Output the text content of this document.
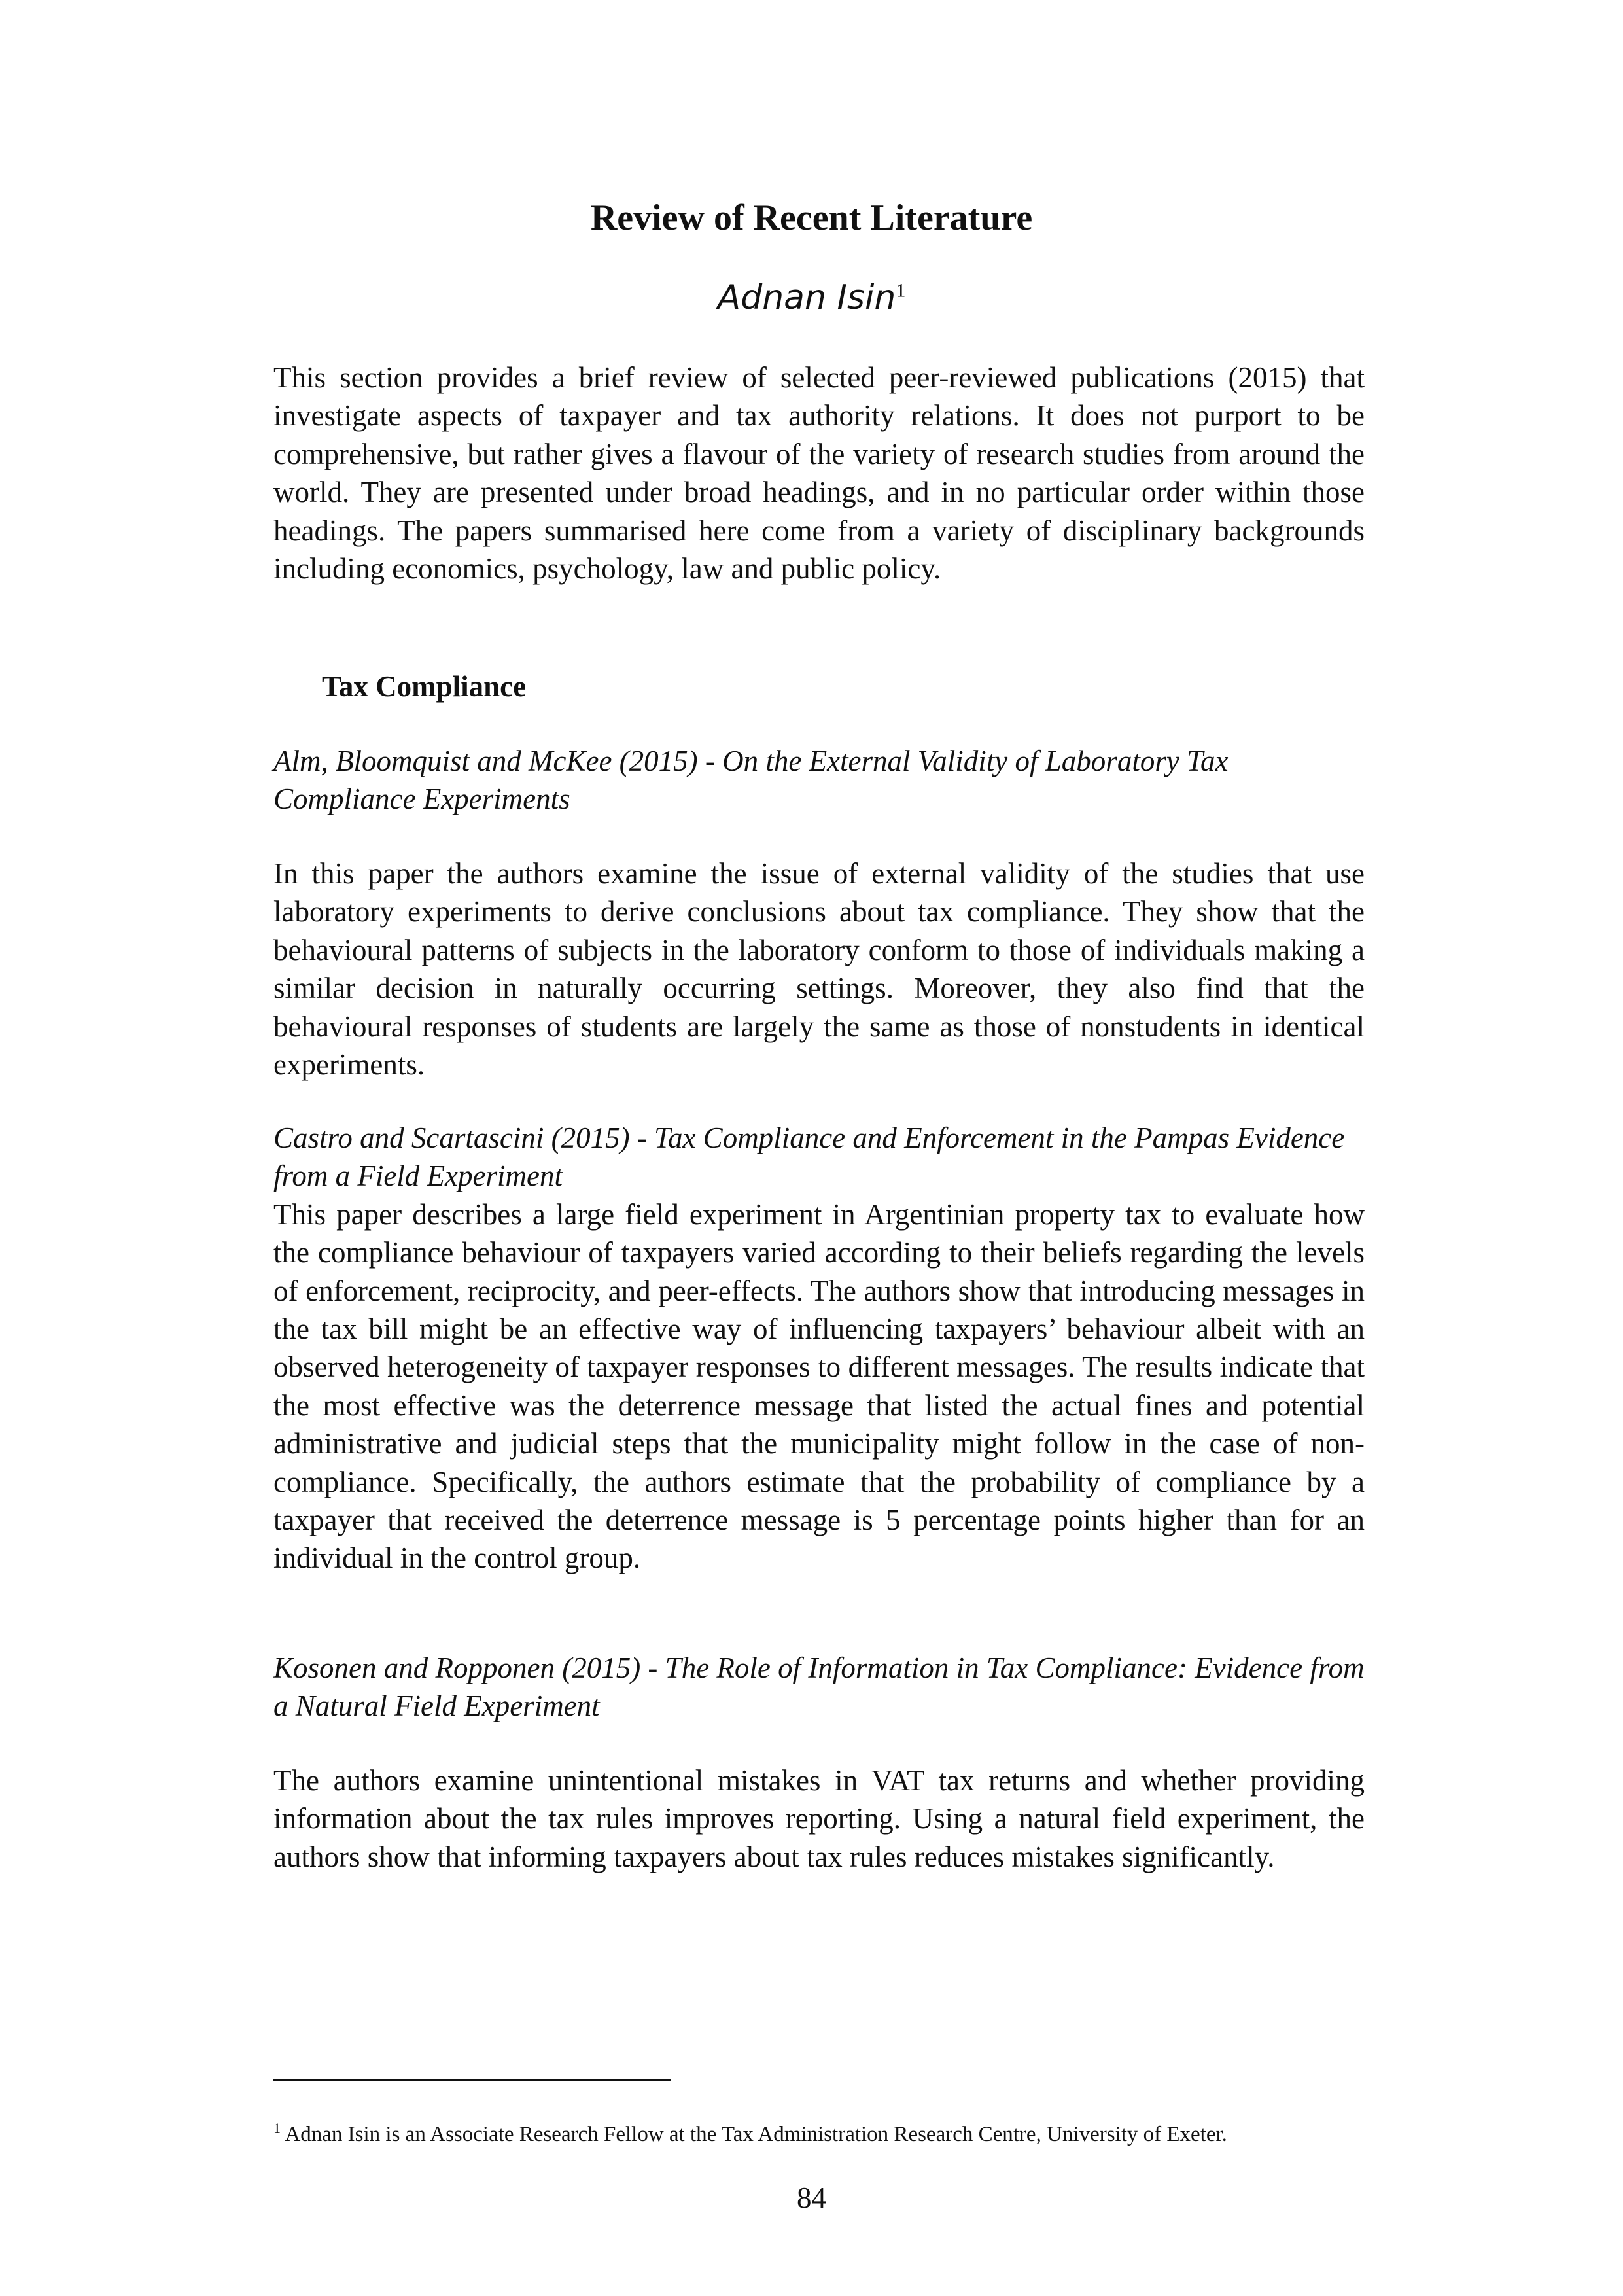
Review of Recent Literature
Adnan Isin$^1$

This section provides a brief review of selected peer-reviewed publications (2015) that investigate aspects of taxpayer and tax authority relations. It does not purport to be comprehensive, but rather gives a flavour of the variety of research studies from around the world. They are presented under broad headings, and in no particular order within those headings. The papers summarised here come from a variety of disciplinary backgrounds including economics, psychology, law and public policy.

Tax Compliance

Alm, Bloomquist and McKee (2015) - On the External Validity of Laboratory Tax Compliance Experiments

In this paper the authors examine the issue of external validity of the studies that use laboratory experiments to derive conclusions about tax compliance. They show that the behavioural patterns of subjects in the laboratory conform to those of individuals making a similar decision in naturally occurring settings. Moreover, they also find that the behavioural responses of students are largely the same as those of nonstudents in identical experiments.

Castro and Scartascini (2015) - Tax Compliance and Enforcement in the Pampas Evidence from a Field Experiment

This paper describes a large field experiment in Argentinian property tax to evaluate how the compliance behaviour of taxpayers varied according to their beliefs regarding the levels of enforcement, reciprocity, and peer-effects. The authors show that introducing messages in the tax bill might be an effective way of influencing taxpayers’ behaviour albeit with an observed heterogeneity of taxpayer responses to different messages. The results indicate that the most effective was the deterrence message that listed the actual fines and potential administrative and judicial steps that the municipality might follow in the case of non-compliance. Specifically, the authors estimate that the probability of compliance by a taxpayer that received the deterrence message is 5 percentage points higher than for an individual in the control group.

Kosonen and Ropponen (2015) - The Role of Information in Tax Compliance: Evidence from a Natural Field Experiment

The authors examine unintentional mistakes in VAT tax returns and whether providing information about the tax rules improves reporting. Using a natural field experiment, the authors show that informing taxpayers about tax rules reduces mistakes significantly.

$^1$ Adnan Isin is an Associate Research Fellow at the Tax Administration Research Centre, University of Exeter.
84
